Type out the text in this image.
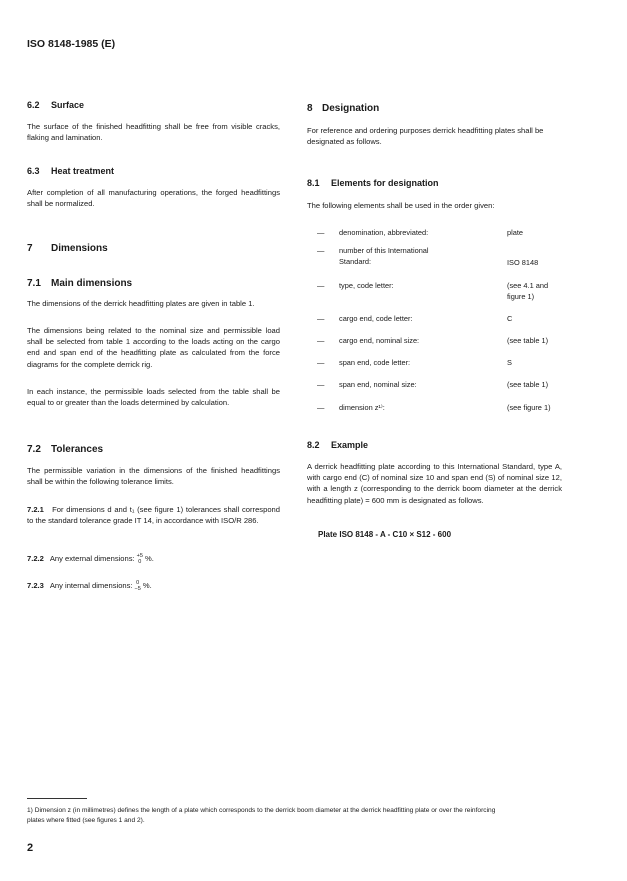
ISO 8148-1985 (E)
6.2 Surface
The surface of the finished headfitting shall be free from visible cracks, flaking and lamination.
6.3 Heat treatment
After completion of all manufacturing operations, the forged headfittings shall be normalized.
7 Dimensions
7.1 Main dimensions
The dimensions of the derrick headfitting plates are given in table 1.
The dimensions being related to the nominal size and permissible load shall be selected from table 1 according to the loads acting on the cargo end and span end of the headfitting plate as calculated from the force diagrams for the complete derrick rig.
In each instance, the permissible loads selected from the table shall be equal to or greater than the loads determined by calculation.
7.2 Tolerances
The permissible variation in the dimensions of the finished headfittings shall be within the following tolerance limits.
7.2.1 For dimensions d and t₁ (see figure 1) tolerances shall correspond to the standard tolerance grade IT 14, in accordance with ISO/R 286.
7.2.2 Any external dimensions: +5
0 %.
7.2.3 Any internal dimensions: 0
−5 %.
8 Designation
For reference and ordering purposes derrick headfitting plates shall be designated as follows.
8.1 Elements for designation
The following elements shall be used in the order given:
—	denomination, abbreviated:	plate
—	number of this International Standard:	ISO 8148
—	type, code letter:	(see 4.1 and figure 1)
—	cargo end, code letter:	C
—	cargo end, nominal size:	(see table 1)
—	span end, code letter:	S
—	span end, nominal size:	(see table 1)
—	dimension z¹⁾:	(see figure 1)
8.2 Example
A derrick headfitting plate according to this International Standard, type A, with cargo end (C) of nominal size 10 and span end (S) of nominal size 12, with a length z (corresponding to the derrick boom diameter at the derrick headfitting plate) = 600 mm is designated as follows.
Plate ISO 8148 - A - C10 × S12 - 600
1) Dimension z (in millimetres) defines the length of a plate which corresponds to the derrick boom diameter at the derrick headfitting plate or over the reinforcing plates where fitted (see figures 1 and 2).
2
